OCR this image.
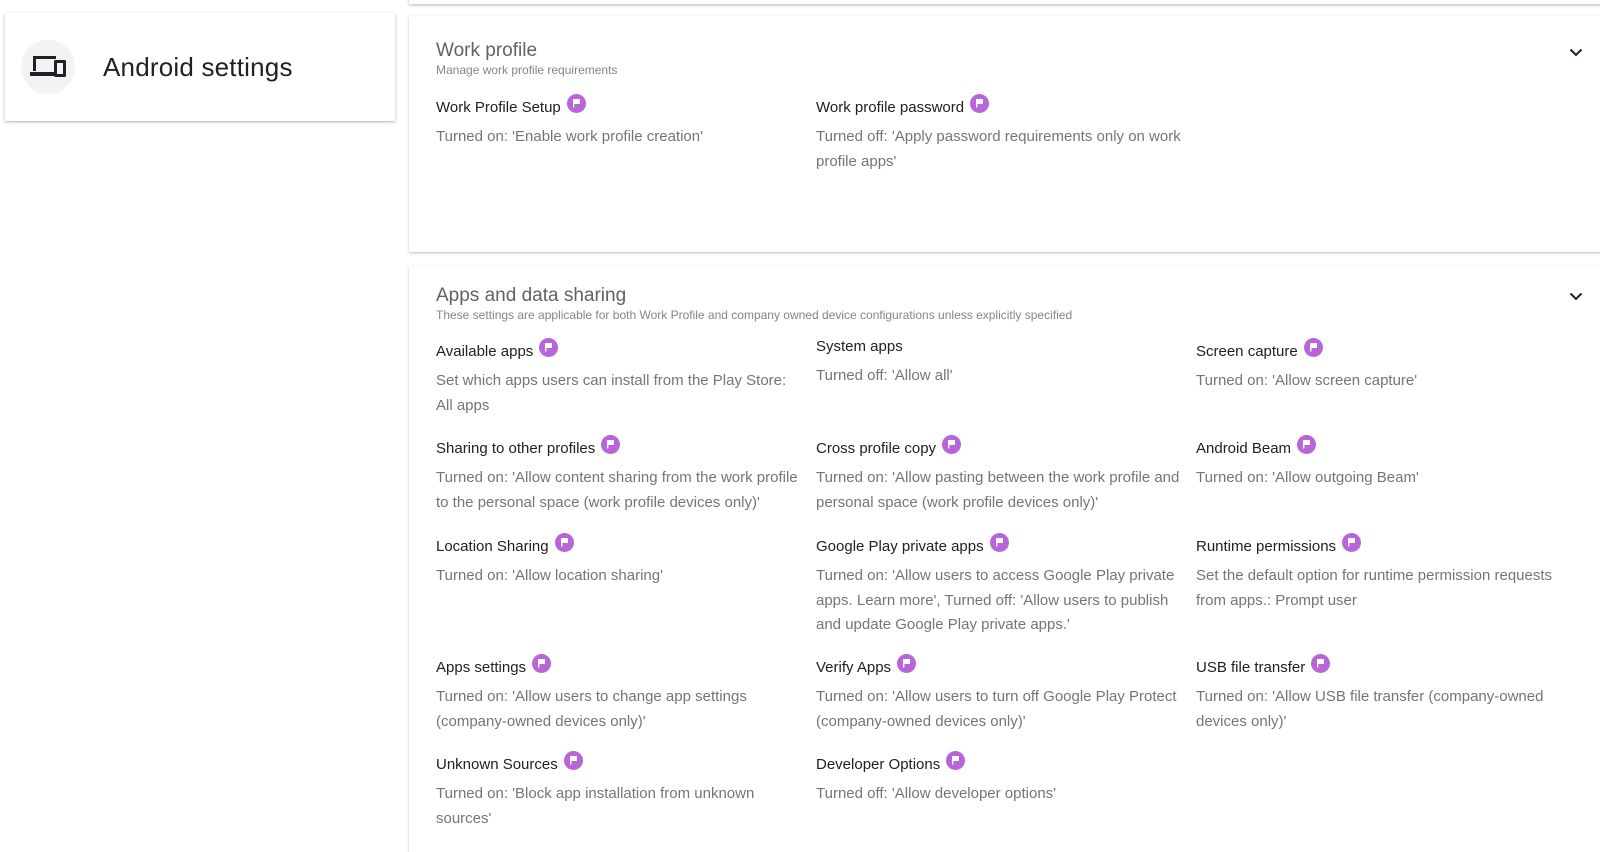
Android settings
Work profile
Manage work profile requirements
Work Profile Setup
Turned on: 'Enable work profile creation'
Work profile password
Turned off: 'Apply password requirements only on work profile apps'
Apps and data sharing
These settings are applicable for both Work Profile and company owned device configurations unless explicitly specified
Available apps
Set which apps users can install from the Play Store: All apps
System apps
Turned off: 'Allow all'
Screen capture
Turned on: 'Allow screen capture'
Sharing to other profiles
Turned on: 'Allow content sharing from the work profile to the personal space (work profile devices only)'
Cross profile copy
Turned on: 'Allow pasting between the work profile and personal space (work profile devices only)'
Android Beam
Turned on: 'Allow outgoing Beam'
Location Sharing
Turned on: 'Allow location sharing'
Google Play private apps
Turned on: 'Allow users to access Google Play private apps. Learn more', Turned off: 'Allow users to publish and update Google Play private apps.'
Runtime permissions
Set the default option for runtime permission requests from apps.: Prompt user
Apps settings
Turned on: 'Allow users to change app settings (company-owned devices only)'
Verify Apps
Turned on: 'Allow users to turn off Google Play Protect (company-owned devices only)'
USB file transfer
Turned on: 'Allow USB file transfer (company-owned devices only)'
Unknown Sources
Turned on: 'Block app installation from unknown sources'
Developer Options
Turned off: 'Allow developer options'
